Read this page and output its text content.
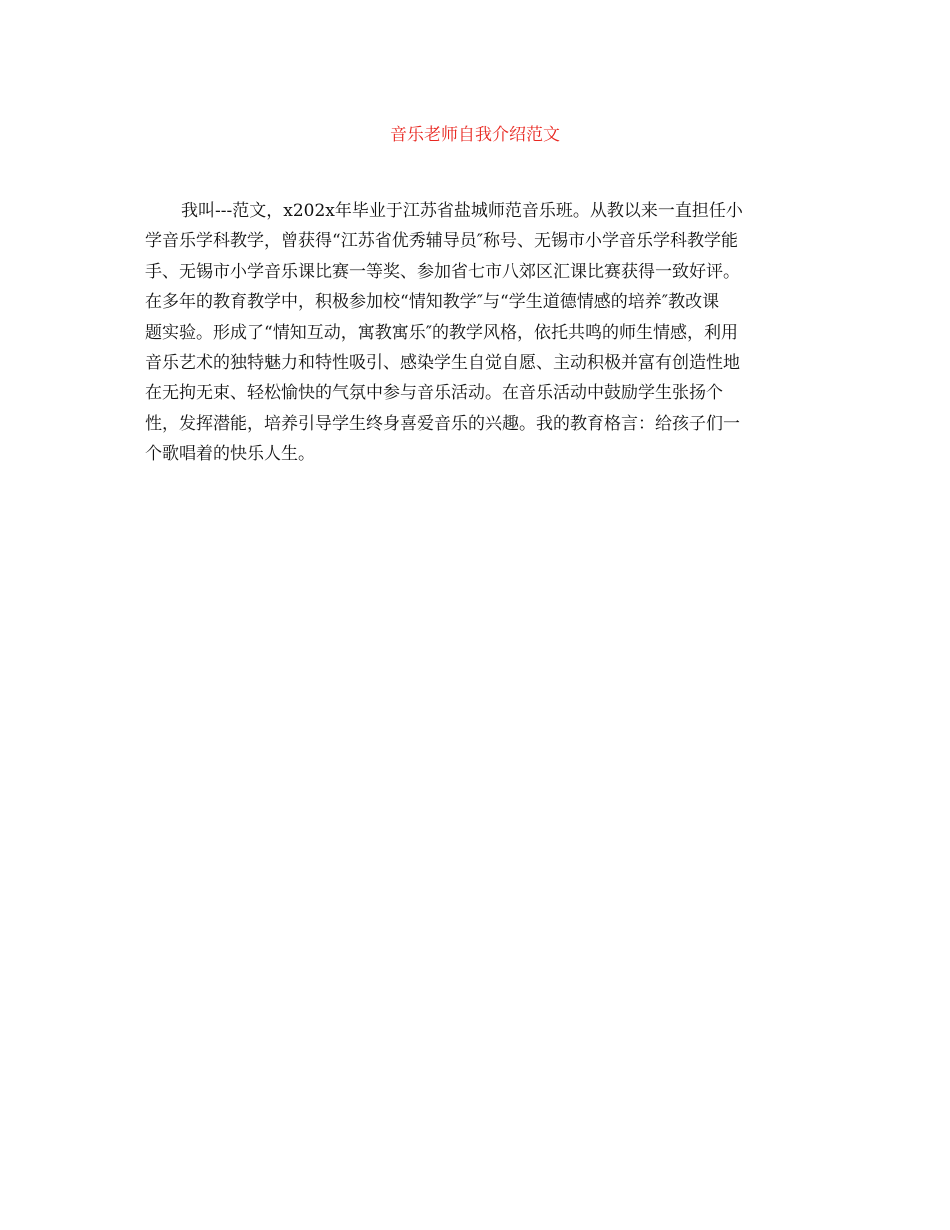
音乐老师自我介绍范文
我叫---范文，x202x年毕业于江苏省盐城师范音乐班。从教以来一直担任小
学音乐学科教学，曾获得“江苏省优秀辅导员″称号、无锡市小学音乐学科教学能
手、无锡市小学音乐课比赛一等奖、参加省七市八郊区汇课比赛获得一致好评。
在多年的教育教学中，积极参加校“情知教学″与“学生道德情感的培养″教改课
题实验。形成了“情知互动，寓教寓乐″的教学风格，依托共鸣的师生情感，利用
音乐艺术的独特魅力和特性吸引、感染学生自觉自愿、主动积极并富有创造性地
在无拘无束、轻松愉快的气氛中参与音乐活动。在音乐活动中鼓励学生张扬个
性，发挥潜能，培养引导学生终身喜爱音乐的兴趣。我的教育格言：给孩子们一
个歌唱着的快乐人生。
